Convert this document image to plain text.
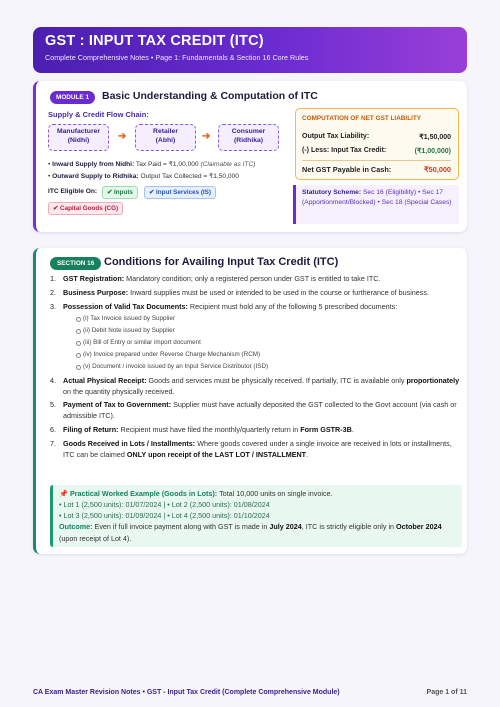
GST : INPUT TAX CREDIT (ITC)
Complete Comprehensive Notes • Page 1: Fundamentals & Section 16 Core Rules
MODULE 1	Basic Understanding & Computation of ITC
Supply & Credit Flow Chain:
Manufacturer
(Nidhi)	➔	Retailer
(Abhi)	➔	Consumer
(Ridhika)
• Inward Supply from Nidhi: Tax Paid = ₹1,00,000 (Claimable as ITC)
• Outward Supply to Ridhika: Output Tax Collected = ₹1,50,000
ITC Eligible On:	✔ Inputs	✔ Input Services (IS)
✔ Capital Goods (CG)
COMPUTATION OF NET GST LIABILITY
Output Tax Liability:	₹1,50,000
(-) Less: Input Tax Credit:	(₹1,00,000)
Net GST Payable in Cash:	₹50,000
Statutory Scheme: Sec 16 (Eligibility) • Sec 17 (Apportionment/Blocked) • Sec 18 (Special Cases)
SECTION 16 Conditions for Availing Input Tax Credit (ITC)
1. GST Registration: Mandatory condition; only a registered person under GST is entitled to take ITC.
2. Business Purpose: Inward supplies must be used or intended to be used in the course or furtherance of business.
3. Possession of Valid Tax Documents: Recipient must hold any of the following 5 prescribed documents:
(i) Tax Invoice issued by Supplier
(ii) Debit Note issued by Supplier
(iii) Bill of Entry or similar import document
(iv) Invoice prepared under Reverse Charge Mechanism (RCM)
(v) Document / invoice issued by an Input Service Distributor (ISD)
4. Actual Physical Receipt: Goods and services must be physically received. If partially, ITC is available only proportionately on the quantity physically received.
5. Payment of Tax to Government: Supplier must have actually deposited the GST collected to the Govt account (via cash or admissible ITC).
6. Filing of Return: Recipient must have filed the monthly/quarterly return in Form GSTR-3B.
7. Goods Received in Lots / Installments: Where goods covered under a single invoice are received in lots or installments, ITC can be claimed ONLY upon receipt of the LAST LOT / INSTALLMENT.
📌 Practical Worked Example (Goods in Lots): Total 10,000 units on single invoice.
• Lot 1 (2,500 units): 01/07/2024 | • Lot 2 (2,500 units): 01/08/2024
• Lot 3 (2,500 units): 01/09/2024 | • Lot 4 (2,500 units): 01/10/2024
Outcome: Even if full invoice payment along with GST is made in July 2024, ITC is strictly eligible only in October 2024 (upon receipt of Lot 4).
CA Exam Master Revision Notes • GST - Input Tax Credit (Complete Comprehensive Module)	Page 1 of 11
